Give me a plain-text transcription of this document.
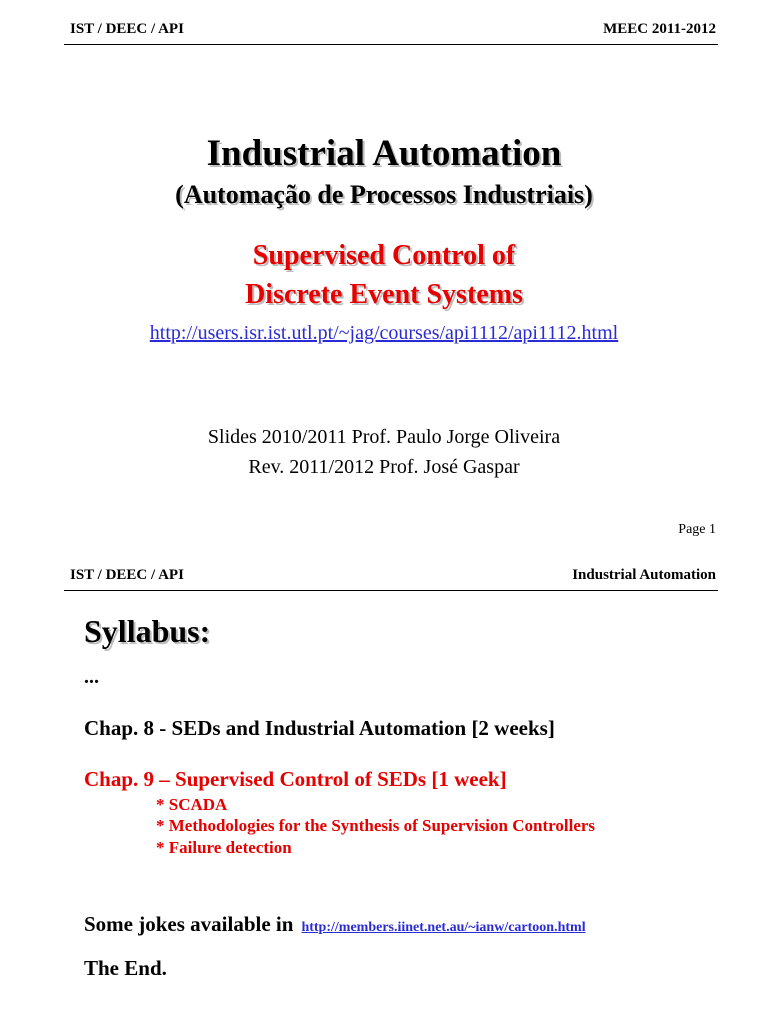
IST / DEEC / API	MEEC 2011-2012
Industrial Automation
(Automação de Processos Industriais)
Supervised Control of
Discrete Event Systems
http://users.isr.ist.utl.pt/~jag/courses/api1112/api1112.html
Slides 2010/2011 Prof. Paulo Jorge Oliveira
Rev. 2011/2012 Prof. José Gaspar
Page 1
IST / DEEC / API	Industrial Automation
Syllabus:
...
Chap. 8 - SEDs and Industrial Automation [2 weeks]
Chap. 9 – Supervised Control of SEDs [1 week]
* SCADA
* Methodologies for the Synthesis of Supervision Controllers
* Failure detection
Some jokes available in http://members.iinet.net.au/~ianw/cartoon.html
The End.
